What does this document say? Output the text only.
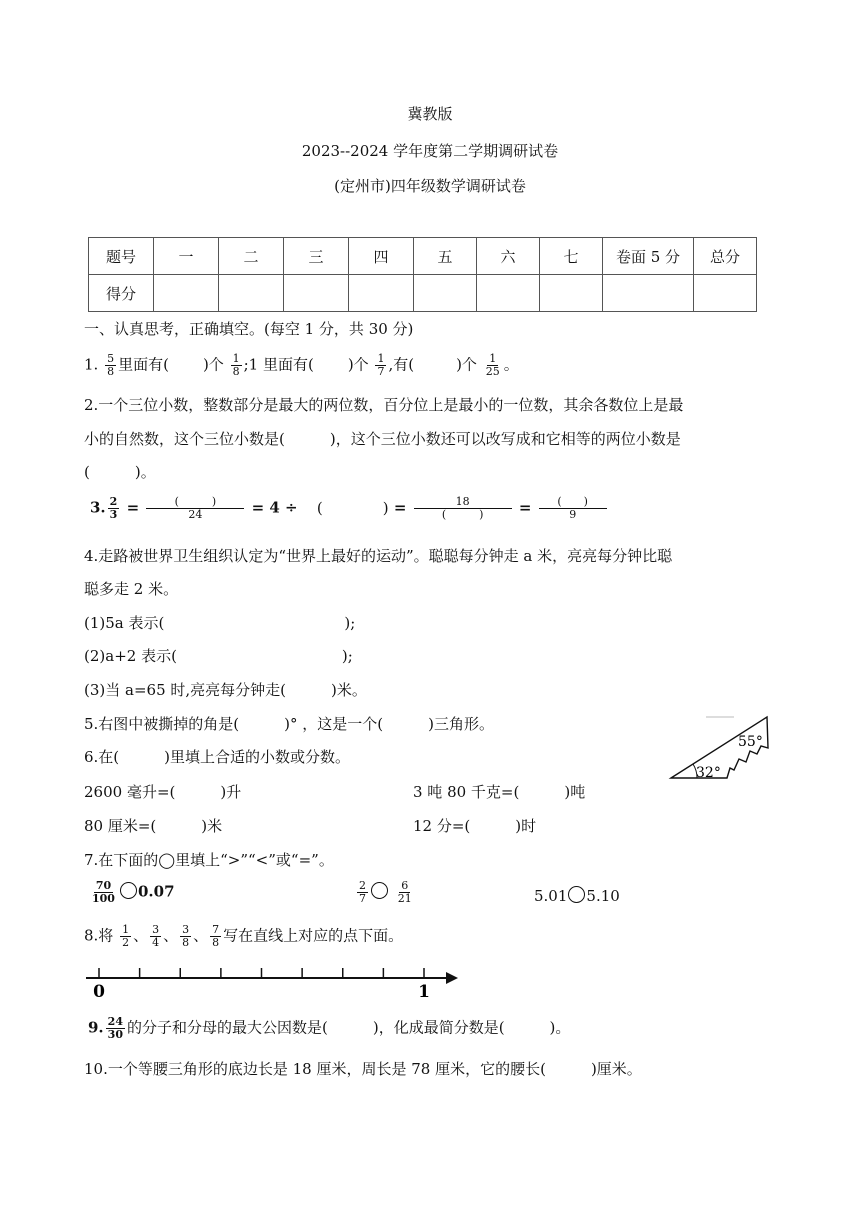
冀教版
2023--2024 学年度第二学期调研试卷
(定州市)四年级数学调研试卷
题号	一	二	三	四	五	六	七	卷面 5 分	总分
得分									
一、认真思考，正确填空。(每空 1 分，共 30 分)
1. $\frac{5}{8}$ 里面有( )个 $\frac{1}{8}$ ;1 里面有( )个 $\frac{1}{7}$ ,有(	)个 $\frac{1}{25}$ 。
2.一个三位小数，整数部分是最大的两位数，百分位上是最小的一位数，其余各数位上是最
小的自然数，这个三位小数是(　　　)，这个三位小数还可以改写成和它相等的两位小数是
(　　　)。
3. $\frac{2}{3} = \frac{( )}{24} = 4$ ÷ (　　　　) = $\frac{18}{( )} = \frac{( )}{9}$
4.走路被世界卫生组织认定为“世界上最好的运动”。聪聪每分钟走 a 米，亮亮每分钟比聪
聪多走 2 米。
(1)5a 表示(　　　　　　　　　　　　);
(2)a+2 表示(　　　　　　　　　　　);
(3)当 a=65 时,亮亮每分钟走(　　　)米。
5.右图中被撕掉的角是(　　　)° ，这是一个(　　　)三角形。
55°
32°
6.在(　　　)里填上合适的小数或分数。
2600 毫升=(　　　)升	3 吨 80 千克=(　　　)吨
80 厘米=(　　　)米	12 分=(　　　)时
7.在下面的◯里填上“>”“<”或“=”。
$\frac{70}{100} 0.07$	$\frac{2}{7}$
	$\frac{6}{21}$	5.01 5.10
8.将 $\frac{1}{2}$ 、 $\frac{3}{4}$ 、 $\frac{3}{8}$ 、 $\frac{7}{8}$ 写在直线上对应的点下面。
0	1
9. $\frac{24}{30}$ 的分子和分母的最大公因数是(　　　)，化成最简分数是(　　　)。
10.一个等腰三角形的底边长是 18 厘米，周长是 78 厘米，它的腰长(　　　)厘米。
